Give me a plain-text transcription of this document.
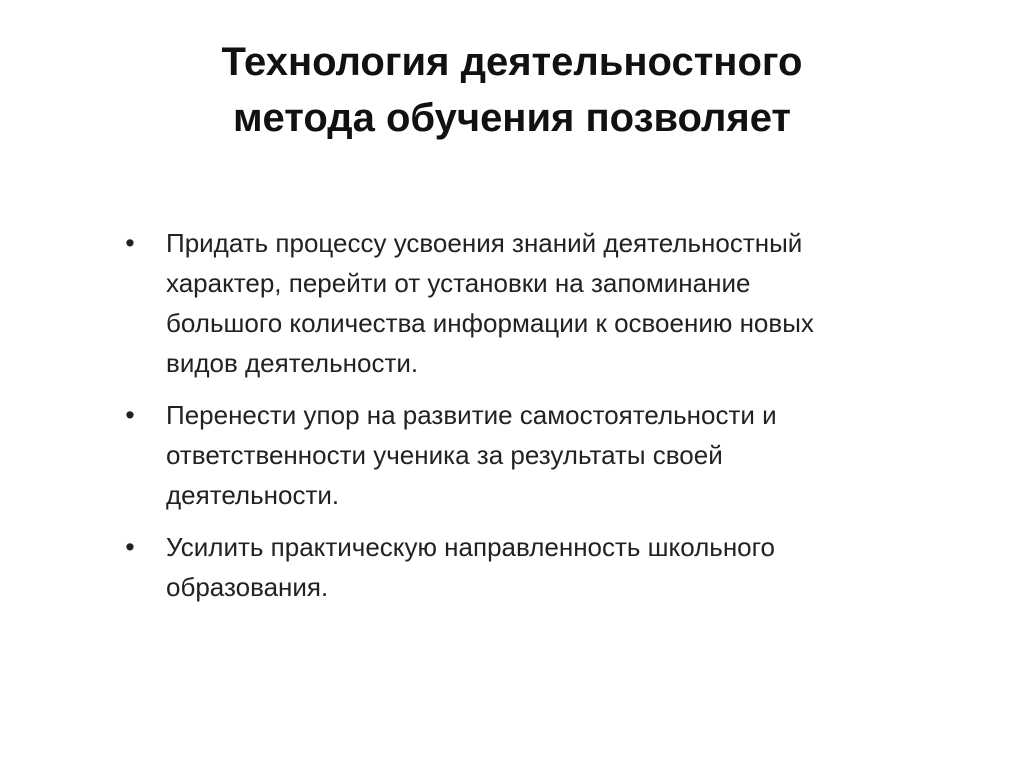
Технология деятельностного
метода обучения позволяет
• Придать процессу усвоения знаний деятельностный
характер, перейти от установки на запоминание
большого количества информации к освоению новых
видов деятельности.
• Перенести упор на развитие самостоятельности и
ответственности ученика за результаты своей
деятельности.
• Усилить практическую направленность школьного
образования.
